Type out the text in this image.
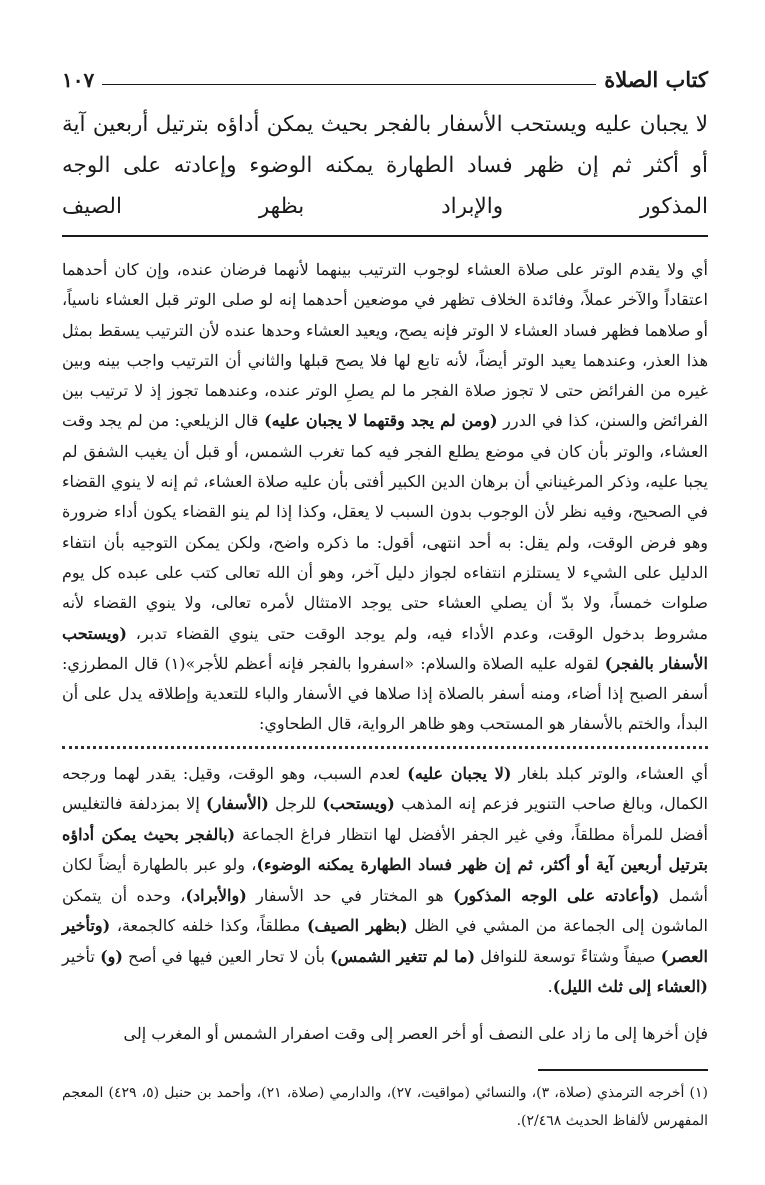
كتاب الصلاة
١٠٧
لا يجبان عليه ويستحب الأسفار بالفجر بحيث يمكن أداؤه بترتيل أربعين آية أو أكثر ثم إن ظهر فساد الطهارة يمكنه الوضوء وإعادته على الوجه المذكور والإبراد بظهر الصيف
أي ولا يقدم الوتر على صلاة العشاء لوجوب الترتيب بينهما لأنهما فرضان عنده، وإن كان أحدهما اعتقاداً والآخر عملاً، وفائدة الخلاف تظهر في موضعين أحدهما إنه لو صلى الوتر قبل العشاء ناسياً، أو صلاهما فظهر فساد العشاء لا الوتر فإنه يصح، ويعيد العشاء وحدها عنده لأن الترتيب يسقط بمثل هذا العذر، وعندهما يعيد الوتر أيضاً، لأنه تابع لها فلا يصح قبلها والثاني أن الترتيب واجب بينه وبين غيره من الفرائض حتى لا تجوز صلاة الفجر ما لم يصلِ الوتر عنده، وعندهما تجوز إذ لا ترتيب بين الفرائض والسنن، كذا في الدرر (ومن لم يجد وقتهما لا يجبان عليه) قال الزيلعي: من لم يجد وقت العشاء، والوتر بأن كان في موضع يطلع الفجر فيه كما تغرب الشمس، أو قبل أن يغيب الشفق لم يجبا عليه، وذكر المرغيناني أن برهان الدين الكبير أفتى بأن عليه صلاة العشاء، ثم إنه لا ينوي القضاء في الصحيح، وفيه نظر لأن الوجوب بدون السبب لا يعقل، وكذا إذا لم ينو القضاء يكون أداء ضرورة وهو فرض الوقت، ولم يقل: به أحد انتهى، أقول: ما ذكره واضح، ولكن يمكن التوجيه بأن انتفاء الدليل على الشيء لا يستلزم انتفاءه لجواز دليل آخر، وهو أن الله تعالى كتب على عبده كل يوم صلوات خمساً، ولا بدّ أن يصلي العشاء حتى يوجد الامتثال لأمره تعالى، ولا ينوي القضاء لأنه مشروط بدخول الوقت، وعدم الأداء فيه، ولم يوجد الوقت حتى ينوي القضاء تدبر، (ويستحب الأسفار بالفجر) لقوله عليه الصلاة والسلام: «اسفروا بالفجر فإنه أعظم للأجر»(١) قال المطرزي: أسفر الصبح إذا أضاء، ومنه أسفر بالصلاة إذا صلاها في الأسفار والباء للتعدية وإطلاقه يدل على أن البدأ، والختم بالأسفار هو المستحب وهو ظاهر الرواية، قال الطحاوي:
أي العشاء، والوتر كبلد بلغار (لا يجبان عليه) لعدم السبب، وهو الوقت، وقيل: يقدر لهما ورجحه الكمال، وبالغ صاحب التنوير فزعم إنه المذهب (ويستحب) للرجل (الأسفار) إلا بمزدلفة فالتغليس أفضل للمرأة مطلقاً، وفي غير الجفر الأفضل لها انتظار فراغ الجماعة (بالفجر بحيث يمكن أداؤه بترتيل أربعين آية أو أكثر، ثم إن ظهر فساد الطهارة يمكنه الوضوء)، ولو عبر بالطهارة أيضاً لكان أشمل (وأعادته على الوجه المذكور) هو المختار في حد الأسفار (والأبراد)، وحده أن يتمكن الماشون إلى الجماعة من المشي في الظل (بظهر الصيف) مطلقاً، وكذا خلفه كالجمعة، (وتأخير العصر) صيفاً وشتاءً توسعة للنوافل (ما لم تتغير الشمس) بأن لا تحار العين فيها في أصح (و) تأخير (العشاء إلى ثلث الليل).
فإن أخرها إلى ما زاد على النصف أو أخر العصر إلى وقت اصفرار الشمس أو المغرب إلى
(١) أخرجه الترمذي (صلاة، ٣)، والنسائي (مواقيت، ٢٧)، والدارمي (صلاة، ٢١)، وأحمد بن حنبل (٥، ٤٢٩) المعجم المفهرس لألفاظ الحديث ٢/٤٦٨).
